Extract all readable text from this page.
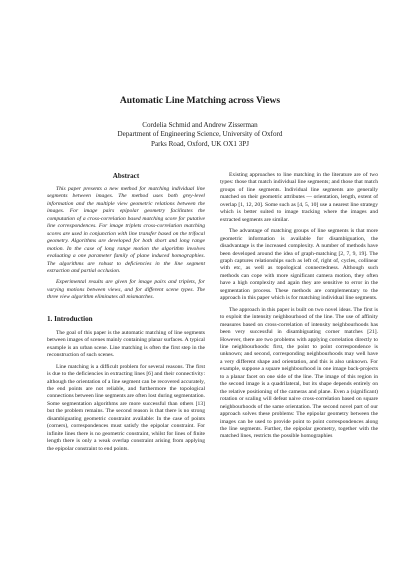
Automatic Line Matching across Views
Cordelia Schmid and Andrew Zisserman
Department of Engineering Science, University of Oxford
Parks Road, Oxford, UK OX1 3PJ
Abstract

This paper presents a new method for matching individual line segments between images. The method uses both grey-level information and the multiple view geometric relations between the images. For image pairs epipolar geometry facilitates the computation of a cross-correlation based matching score for putative line correspondences. For image triplets cross-correlation matching scores are used in conjunction with line transfer based on the trifocal geometry. Algorithms are developed for both short and long range motion. In the case of long range motion the algorithm involves evaluating a one parameter family of plane induced homographies. The algorithms are robust to deficiencies in the line segment extraction and partial occlusion.

Experimental results are given for image pairs and triplets, for varying motions between views, and for different scene types. The three view algorithm eliminates all mismatches.

1. Introduction

The goal of this paper is the automatic matching of line segments between images of scenes mainly containing planar surfaces. A typical example is an urban scene. Line matching is often the first step in the reconstruction of such scenes.

Line matching is a difficult problem for several reasons. The first is due to the deficiencies in extracting lines [6] and their connectivity: although the orientation of a line segment can be recovered accurately, the end points are not reliable, and furthermore the topological connections between line segments are often lost during segmentation. Some segmentation algorithms are more successful than others [13] but the problem remains. The second reason is that there is no strong disambiguating geometric constraint available: In the case of points (corners), correspondences must satisfy the epipolar constraint. For infinite lines there is no geometric constraint, whilst for lines of finite length there is only a weak overlap constraint arising from applying the epipolar constraint to end points.

Existing approaches to line matching in the literature are of two types: those that match individual line segments; and those that match groups of line segments. Individual line segments are generally matched on their geometric attributes — orientation, length, extent of overlap [1, 12, 20]. Some such as [4, 5, 10] use a nearest line strategy which is better suited to image tracking where the images and extracted segments are similar.

The advantage of matching groups of line segments is that more geometric information is available for disambiguation, the disadvantage is the increased complexity. A number of methods have been developed around the idea of graph-matching [2, 7, 9, 19]. The graph captures relationships such as left of, right of, cycles, collinear with etc, as well as topological connectedness. Although such methods can cope with more significant camera motion, they often have a high complexity and again they are sensitive to error in the segmentation process. These methods are complementary to the approach in this paper which is for matching individual line segments.

The approach in this paper is built on two novel ideas. The first is to exploit the intensity neighbourhood of the line. The use of affinity measures based on cross-correlation of intensity neighbourhoods has been very successful in disambiguating corner matches [21]. However, there are two problems with applying correlation directly to line neighbourhoods: first, the point to point correspondence is unknown; and second, corresponding neighbourhoods may well have a very different shape and orientation, and this is also unknown. For example, suppose a square neighbourhood in one image back-projects to a planar facet on one side of the line. The image of this region in the second image is a quadrilateral, but its shape depends entirely on the relative positioning of the cameras and plane. Even a (significant) rotation or scaling will defeat naive cross-correlation based on square neighbourhoods of the same orientation. The second novel part of our approach solves these problems: The epipolar geometry between the images can be used to provide point to point correspondences along the line segments. Further, the epipolar geometry, together with the matched lines, restricts the possible homographies
